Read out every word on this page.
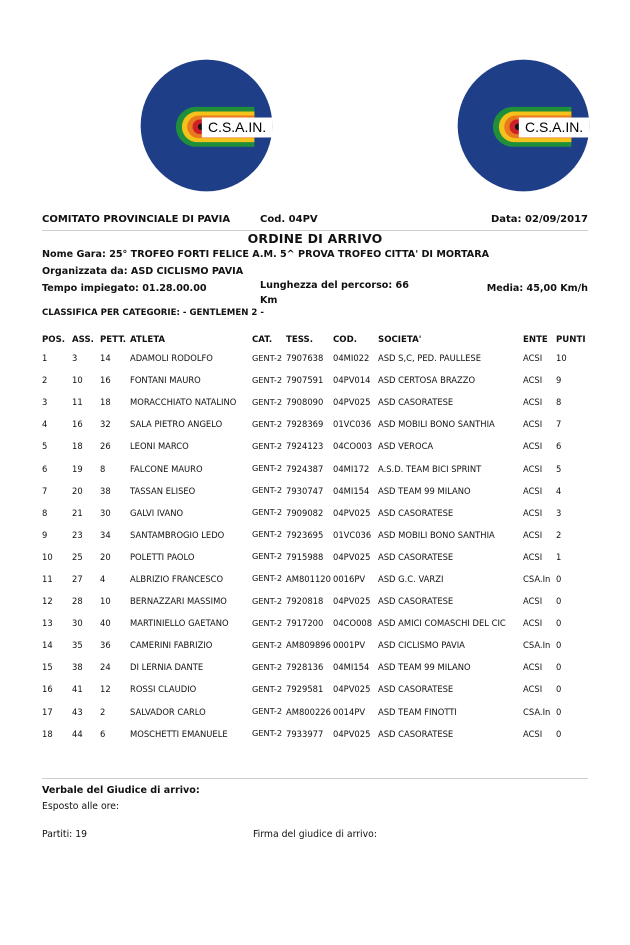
C.S.A.IN.	C.S.A.IN.
COMITATO PROVINCIALE DI PAVIA	Cod. 04PV	Data: 02/09/2017
ORDINE DI ARRIVO
Nome Gara: 25° TROFEO FORTI FELICE A.M. 5^ PROVA TROFEO CITTA' DI MORTARA
Organizzata da: ASD CICLISMO PAVIA
Tempo impiegato: 01.28.00.00	Lunghezza del percorso: 66 Km
Media: 45,00 Km/h
CLASSIFICA PER CATEGORIE: - GENTLEMEN 2 -
POS.	ASS.	PETT.	ATLETA	CAT.	TESS.	COD.	SOCIETA'	ENTE	PUNTI
1	3	14	ADAMOLI RODOLFO	GENT-2	7907638	04MI022	ASD S,C, PED. PAULLESE	ACSI	10
2	10	16	FONTANI MAURO	GENT-2	7907591	04PV014	ASD CERTOSA BRAZZO	ACSI	9
3	11	18	MORACCHIATO NATALINO	GENT-2	7908090	04PV025	ASD CASORATESE	ACSI	8
4	16	32	SALA PIETRO ANGELO	GENT-2	7928369	01VC036	ASD MOBILI BONO SANTHIA	ACSI	7
5	18	26	LEONI MARCO	GENT-2	7924123	04CO003	ASD VEROCA	ACSI	6
6	19	8	FALCONE MAURO	GENT-2	7924387	04MI172	A.S.D. TEAM BICI SPRINT	ACSI	5
7	20	38	TASSAN ELISEO	GENT-2	7930747	04MI154	ASD TEAM 99 MILANO	ACSI	4
8	21	30	GALVI IVANO	GENT-2	7909082	04PV025	ASD CASORATESE	ACSI	3
9	23	34	SANTAMBROGIO LEDO	GENT-2	7923695	01VC036	ASD MOBILI BONO SANTHIA	ACSI	2
10	25	20	POLETTI PAOLO	GENT-2	7915988	04PV025	ASD CASORATESE	ACSI	1
11	27	4	ALBRIZIO FRANCESCO	GENT-2	AM801120	0016PV	ASD G.C. VARZI	CSA.In	0
12	28	10	BERNAZZARI MASSIMO	GENT-2	7920818	04PV025	ASD CASORATESE	ACSI	0
13	30	40	MARTINIELLO GAETANO	GENT-2	7917200	04CO008	ASD AMICI COMASCHI DEL CIC	ACSI	0
14	35	36	CAMERINI FABRIZIO	GENT-2	AM809896	0001PV	ASD CICLISMO PAVIA	CSA.In	0
15	38	24	DI LERNIA DANTE	GENT-2	7928136	04MI154	ASD TEAM 99 MILANO	ACSI	0
16	41	12	ROSSI CLAUDIO	GENT-2	7929581	04PV025	ASD CASORATESE	ACSI	0
17	43	2	SALVADOR CARLO	GENT-2	AM800226	0014PV	ASD TEAM FINOTTI	CSA.In	0
18	44	6	MOSCHETTI EMANUELE	GENT-2	7933977	04PV025	ASD CASORATESE	ACSI	0
Verbale del Giudice di arrivo:
Esposto alle ore:
Partiti: 19	Firma del giudice di arrivo:
